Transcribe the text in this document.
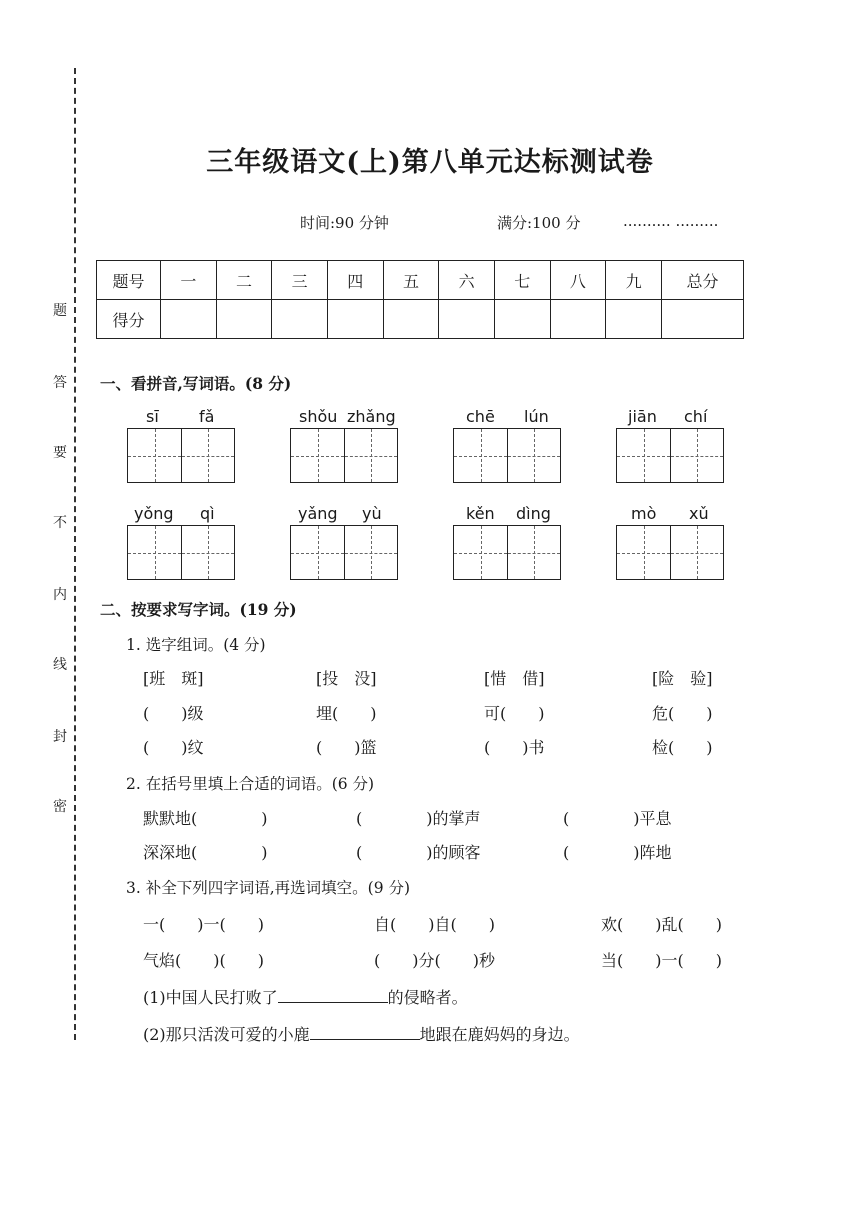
题
答
要
不
内
线
封
密
三年级语文(上)第八单元达标测试卷
时间:90 分钟	满分:100 分	.......... .........
题号	一	二	三	四	五	六	七	八	九	总分
得分										
一、看拼音,写词语。(8 分)
sī	fǎ	shǒu zhǎng	chē lún	jiān chí
yǒng qì	yǎng yù	kěn dìng	mò xǔ
二、按要求写字词。(19 分)
1. 选字组词。(4 分)
[班　斑]	[投　没]	[惜　借]	[险　验]
(　　)级	埋(　　)	可(　　)	危(　　)
(　　)纹	(　　)篮	(　　)书	检(　　)
2. 在括号里填上合适的词语。(6 分)
默默地(　　　　)	(　　　　)的掌声	(　　　　)平息
深深地(　　　　)	(　　　　)的顾客	(　　　　)阵地
3. 补全下列四字词语,再选词填空。(9 分)
一(　　)一(　　)	自(　　)自(　　)	欢(　　)乱(　　)
气焰(　　)(　　)	(　　)分(　　)秒	当(　　)一(　　)
(1)中国人民打败了	的侵略者。
(2)那只活泼可爱的小鹿	地跟在鹿妈妈的身边。
